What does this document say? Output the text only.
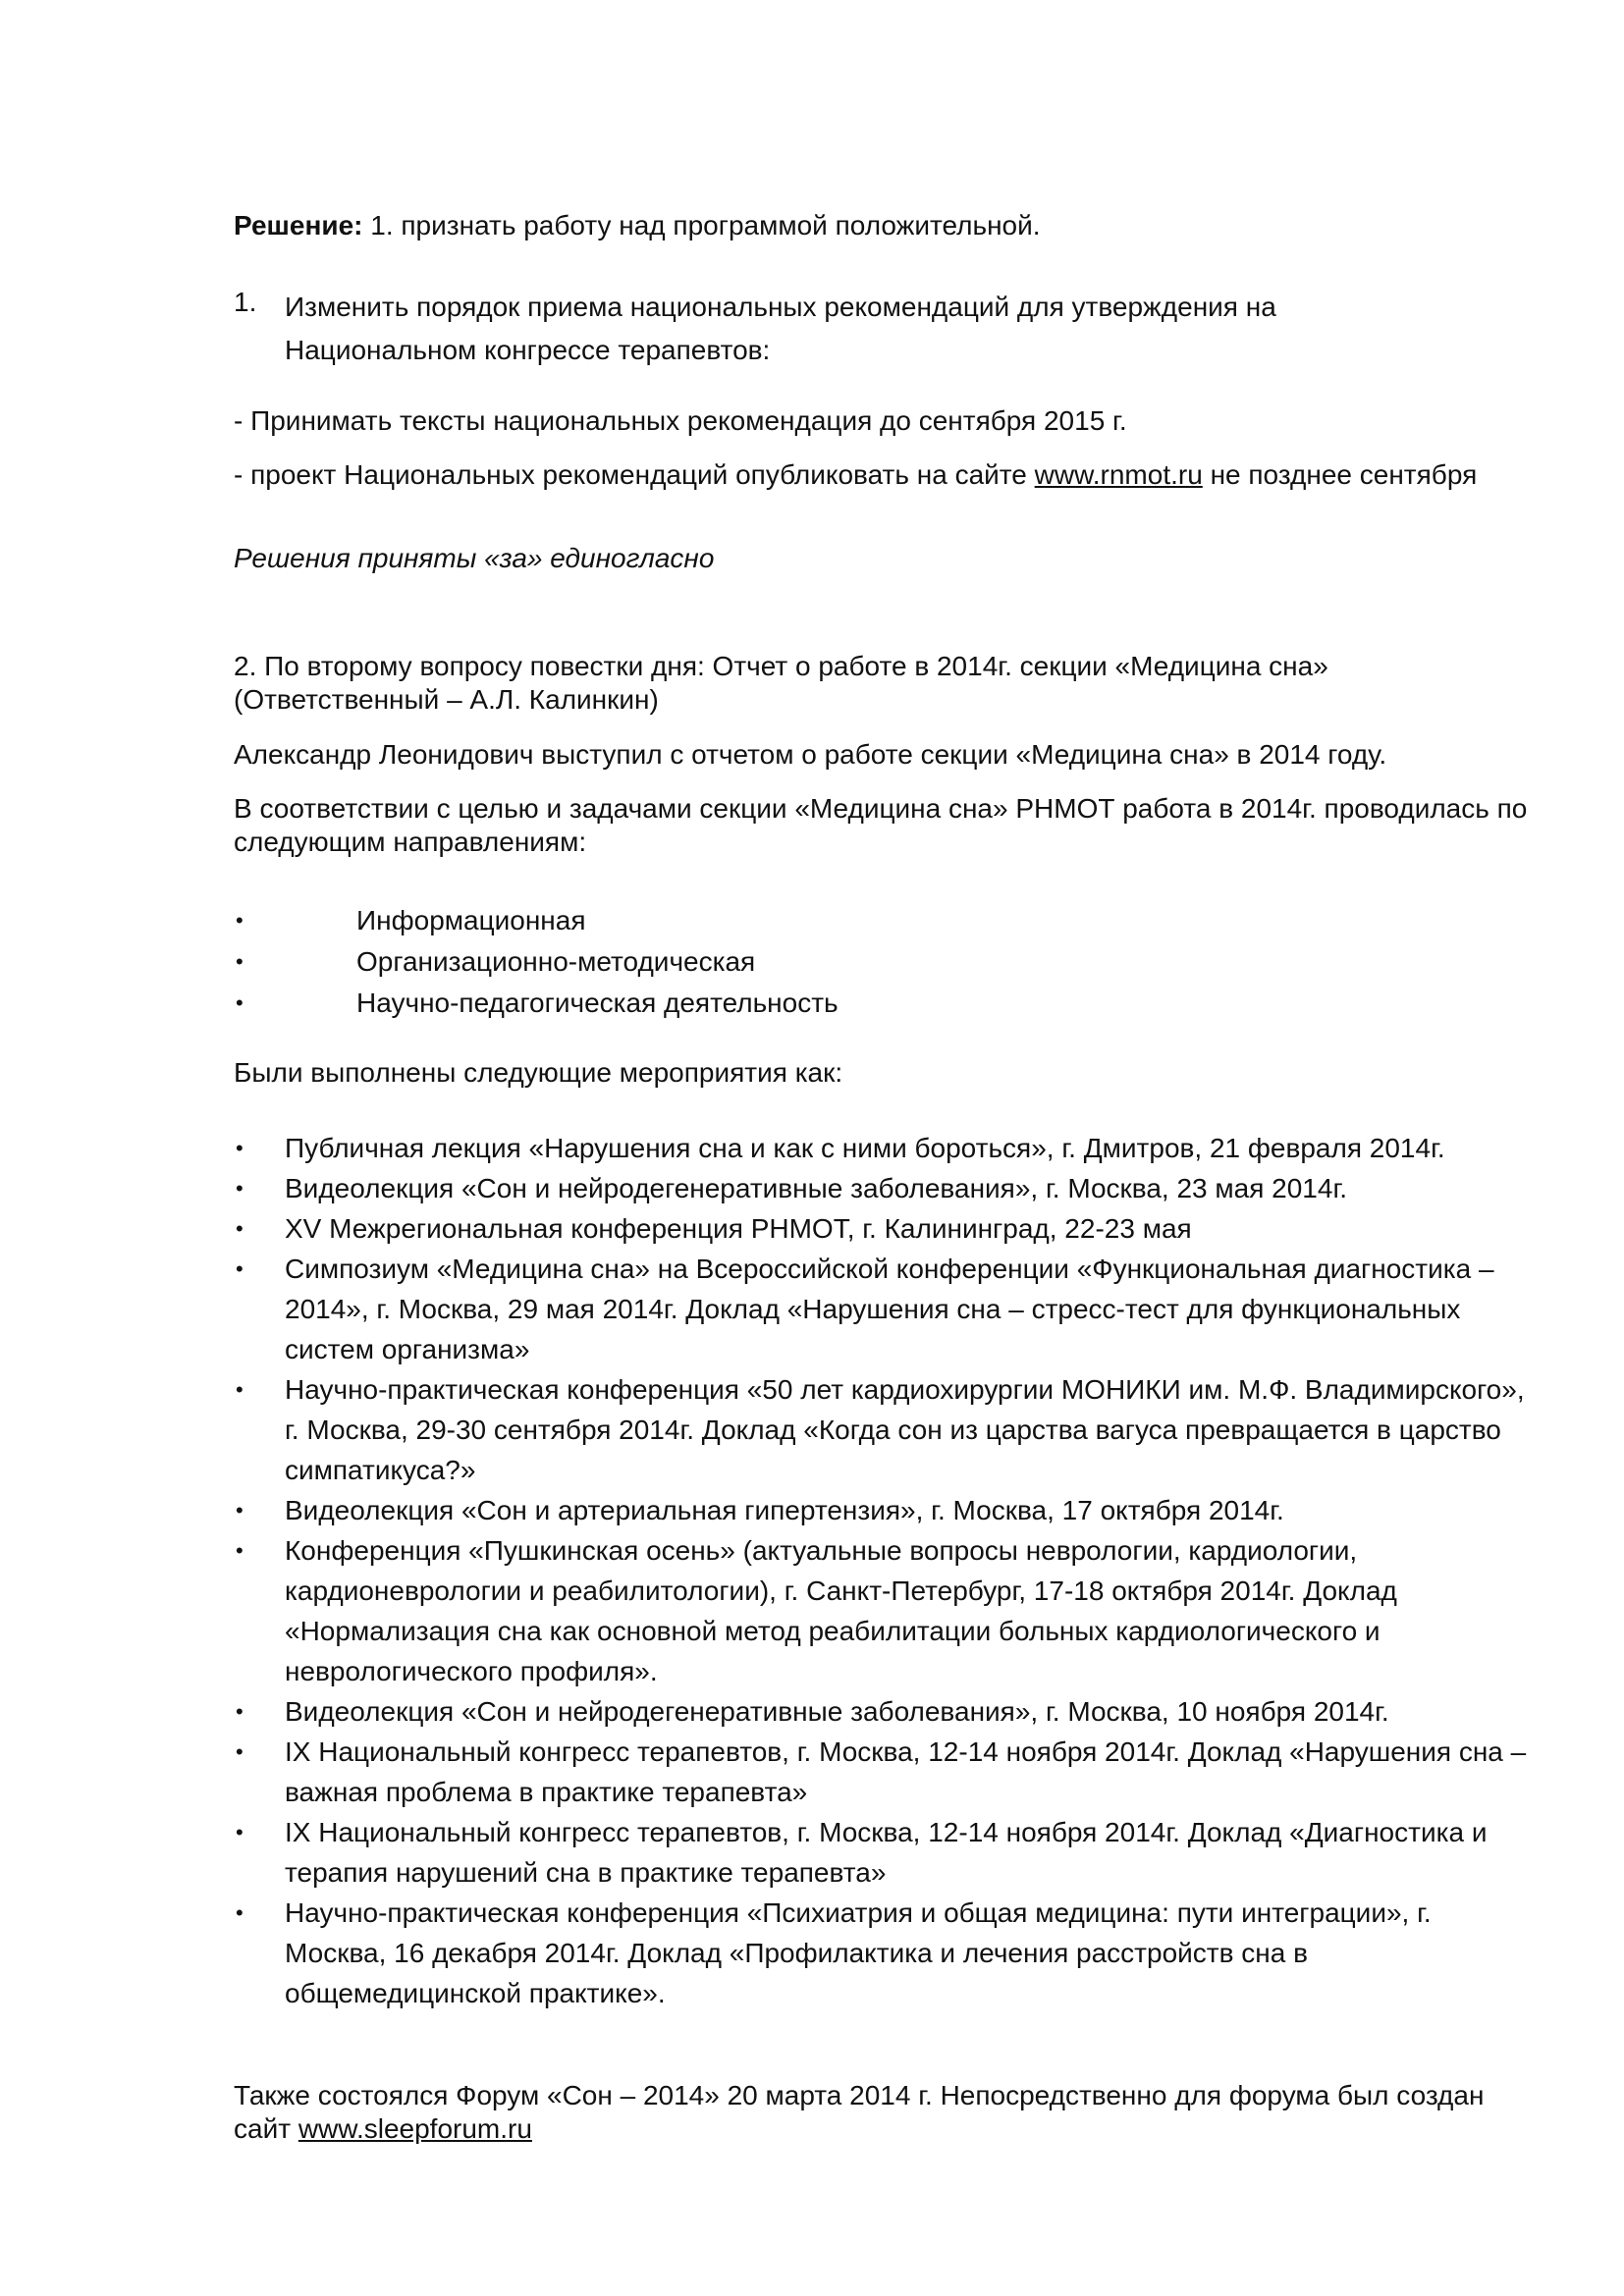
Решение: 1. признать работу над программой положительной.

1. Изменить порядок приема национальных рекомендаций для утверждения на Национальном конгрессе терапевтов:

- Принимать тексты национальных рекомендация до сентября 2015 г.

- проект Национальных рекомендаций опубликовать на сайте www.rnmot.ru не позднее сентября

Решения приняты «за» единогласно

2. По второму вопросу повестки дня: Отчет о работе в 2014г. секции «Медицина сна» (Ответственный – А.Л. Калинкин)

Александр Леонидович выступил с отчетом о работе секции «Медицина сна» в 2014 году.

В соответствии с целью и задачами секции «Медицина сна» РНМОТ работа в 2014г. проводилась по следующим направлениям:

•	Информационная
•	Организационно-методическая
•	Научно-педагогическая деятельность

Были выполнены следующие мероприятия как:

• Публичная лекция «Нарушения сна и как с ними бороться», г. Дмитров, 21 февраля 2014г.
• Видеолекция «Сон и нейродегенеративные заболевания», г. Москва, 23 мая 2014г.
• XV Межрегиональная конференция РНМОТ, г. Калининград, 22-23 мая
• Симпозиум «Медицина сна» на Всероссийской конференции «Функциональная диагностика – 2014», г. Москва, 29 мая 2014г. Доклад «Нарушения сна – стресс-тест для функциональных систем организма»
• Научно-практическая конференция «50 лет кардиохирургии МОНИКИ им. М.Ф. Владимирского», г. Москва, 29-30 сентября 2014г. Доклад «Когда сон из царства вагуса превращается в царство симпатикуса?»
• Видеолекция «Сон и артериальная гипертензия», г. Москва, 17 октября 2014г.
• Конференция «Пушкинская осень» (актуальные вопросы неврологии, кардиологии, кардионеврологии и реабилитологии), г. Санкт-Петербург, 17-18 октября 2014г. Доклад «Нормализация сна как основной метод реабилитации больных кардиологического и неврологического профиля».
• Видеолекция «Сон и нейродегенеративные заболевания», г. Москва, 10 ноября 2014г.
• IX Национальный конгресс терапевтов, г. Москва, 12-14 ноября 2014г. Доклад «Нарушения сна – важная проблема в практике терапевта»
• IX Национальный конгресс терапевтов, г. Москва, 12-14 ноября 2014г. Доклад «Диагностика и терапия нарушений сна в практике терапевта»
• Научно-практическая конференция «Психиатрия и общая медицина: пути интеграции», г. Москва, 16 декабря 2014г. Доклад «Профилактика и лечения расстройств сна в общемедицинской практике».

Также состоялся Форум «Сон – 2014» 20 марта 2014 г. Непосредственно для форума был создан сайт www.sleepforum.ru
